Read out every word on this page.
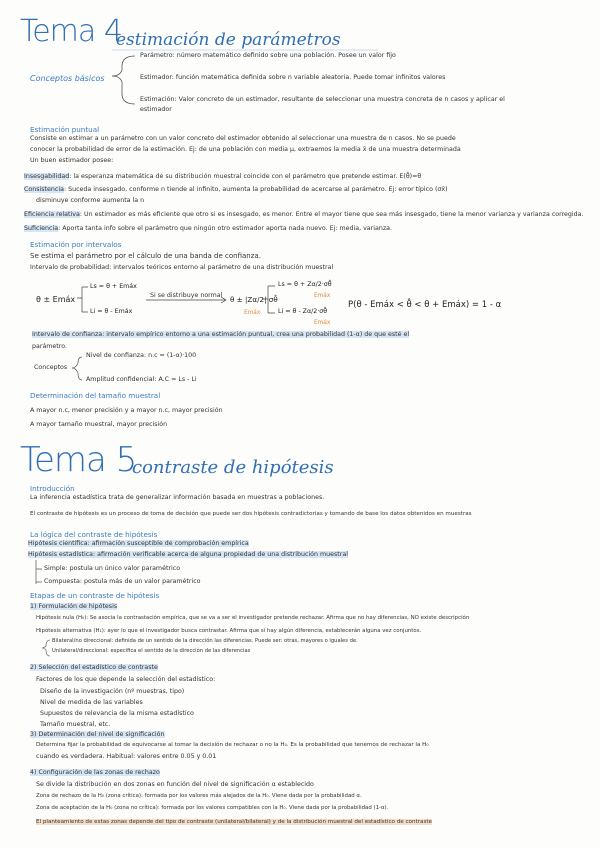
Tema 4
estimación de parámetros
Conceptos básicos
Parámetro: número matemático definido sobre una población. Posee un valor fijo
Estimador: función matemática definida sobre n variable aleatoria. Puede tomar infinitos valores
Estimación: Valor concreto de un estimador, resultante de seleccionar una muestra concreta de n casos y aplicar el
estimador
Estimación puntual
Consiste en estimar a un parámetro con un valor concreto del estimador obtenido al seleccionar una muestra de n casos. No se puede
conocer la probabilidad de error de la estimación. Ej: de una población con media µ, extraemos la media x̄ de una muestra determinada
Un buen estimador posee:
Insesgabilidad: la esperanza matemática de su distribución muestral coincide con el parámetro que pretende estimar. E(θ̂)=θ
Consistencia: Suceda insesgado, conforme n tiende al infinito, aumenta la probabilidad de acercarse al parámetro. Ej: error típico (σx̄)
disminuye conforme aumenta la n
Eficiencia relativa: Un estimador es más eficiente que otro si es insesgado, es menor. Entre el mayor tiene que sea más insesgado, tiene la menor varianza y varianza corregida.
Suficiencia: Aporta tanta info sobre el parámetro que ningún otro estimador aporta nada nuevo. Ej: media, varianza.
Estimación por intervalos
Se estima el parámetro por el cálculo de una banda de confianza.
Intervalo de probabilidad: intervalos teóricos entorno al parámetro de una distribución muestral
θ ± Emáx
Ls = θ + Emáx
Li = θ - Emáx
Si se distribuye normal θ ± |Zα/2| σθ̂
Emáx
Ls = θ + Zα/2·σθ̂
Emáx
Li = θ - Zα/2·σθ̂
Emáx
P(θ - Emáx < θ̂ < θ + Emáx) = 1 - α
Intervalo de confianza: intervalo empírico entorno a una estimación puntual, crea una probabilidad (1-α) de que esté el
parámetro.
Conceptos
Nivel de confianza: n.c = (1-α)·100
Amplitud confidencial: A.C = Ls - Li
Determinación del tamaño muestral
A mayor n.c, menor precisión y a mayor n.c, mayor precisión
A mayor tamaño muestral, mayor precisión
Tema 5
contraste de hipótesis
Introducción
La inferencia estadística trata de generalizar información basada en muestras a poblaciones.
El contraste de hipótesis es un proceso de toma de decisión que puede ser dos hipótesis contradictorias y tomando de base los datos obtenidos en muestras
La lógica del contraste de hipótesis
Hipótesis científica: afirmación susceptible de comprobación empírica
Hipótesis estadística: afirmación verificable acerca de alguna propiedad de una distribución muestral
Simple: postula un único valor paramétrico
Compuesta: postula más de un valor paramétrico
Etapas de un contraste de hipótesis
1) Formulación de hipótesis
Hipótesis nula (H₀): Se asocia la contrastación empírica, que se va a ser el investigador pretende rechazar. Afirma que no hay diferencias, NO existe descripción
Hipótesis alternativa (H₁): ayer lo que el investigador busca contrastar. Afirma que sí hay algún diferencia, establecerán alguna vez conjuntos.
Bilateral/no direccional: definida de un sentido de la dirección las diferencias. Puede ser: otras, mayores o iguales de.
Unilateral/direccional: especifica el sentido de la dirección de las diferencias
2) Selección del estadístico de contraste
Factores de los que depende la selección del estadístico:
Diseño de la investigación (nº muestras, tipo)
Nivel de medida de las variables
Supuestos de relevancia de la misma estadístico
Tamaño muestral, etc.
3) Determinación del nivel de significación
Determina fijar la probabilidad de equivocarse al tomar la decisión de rechazar o no la H₀. Es la probabilidad que tenemos de rechazar la H₀
cuando es verdadera. Habitual: valores entre 0.05 y 0.01
4) Configuración de las zonas de rechazo
Se divide la distribución en dos zonas en función del nivel de significación α establecido
Zona de rechazo de la H₀ (zona crítica): formada por los valores más alejados de la H₀. Viene dada por la probabilidad α.
Zona de aceptación de la H₀ (zona no crítica): formada por los valores compatibles con la H₀. Viene dada por la probabilidad (1-α).
El planteamiento de estas zonas depende del tipo de contraste (unilateral/bilateral) y de la distribución muestral del estadístico de contraste
